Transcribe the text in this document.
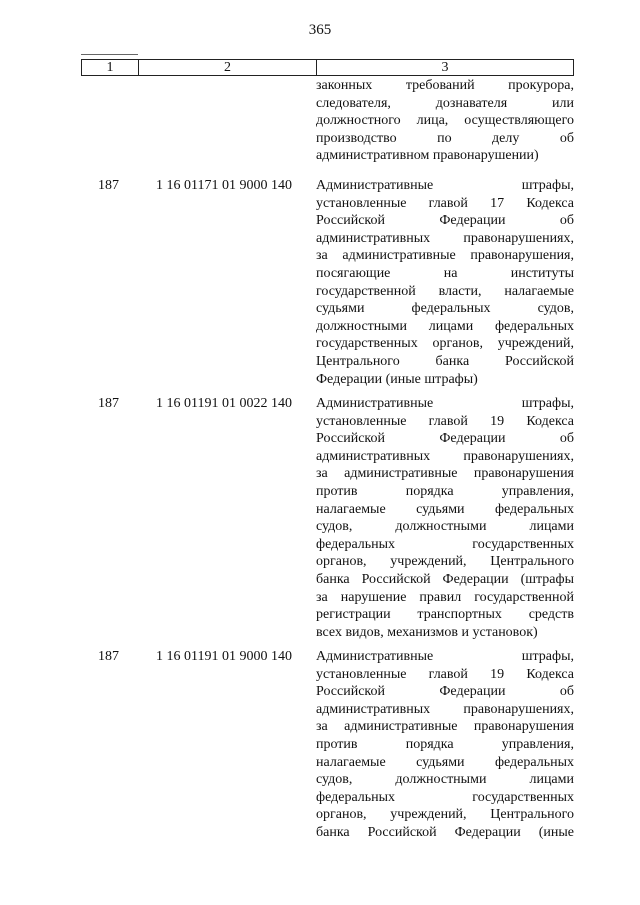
365
1	2	3
законных требований прокурора,
следователя, дознавателя или
должностного лица, осуществляющего
производство по делу об
административном правонарушении)
187	1 16 01171 01 9000 140 Административные штрафы,
установленные главой 17 Кодекса
Российской Федерации об
административных правонарушениях,
за административные правонарушения,
посягающие на институты
государственной власти, налагаемые
судьями федеральных судов,
должностными лицами федеральных
государственных органов, учреждений,
Центрального банка Российской
Федерации (иные штрафы)
187	1 16 01191 01 0022 140 Административные штрафы,
установленные главой 19 Кодекса
Российской Федерации об
административных правонарушениях,
за административные правонарушения
против порядка управления,
налагаемые судьями федеральных
судов, должностными лицами
федеральных государственных
органов, учреждений, Центрального
банка Российской Федерации (штрафы
за нарушение правил государственной
регистрации транспортных средств
всех видов, механизмов и установок)
187	1 16 01191 01 9000 140 Административные штрафы,
установленные главой 19 Кодекса
Российской Федерации об
административных правонарушениях,
за административные правонарушения
против порядка управления,
налагаемые судьями федеральных
судов, должностными лицами
федеральных государственных
органов, учреждений, Центрального
банка Российской Федерации (иные
